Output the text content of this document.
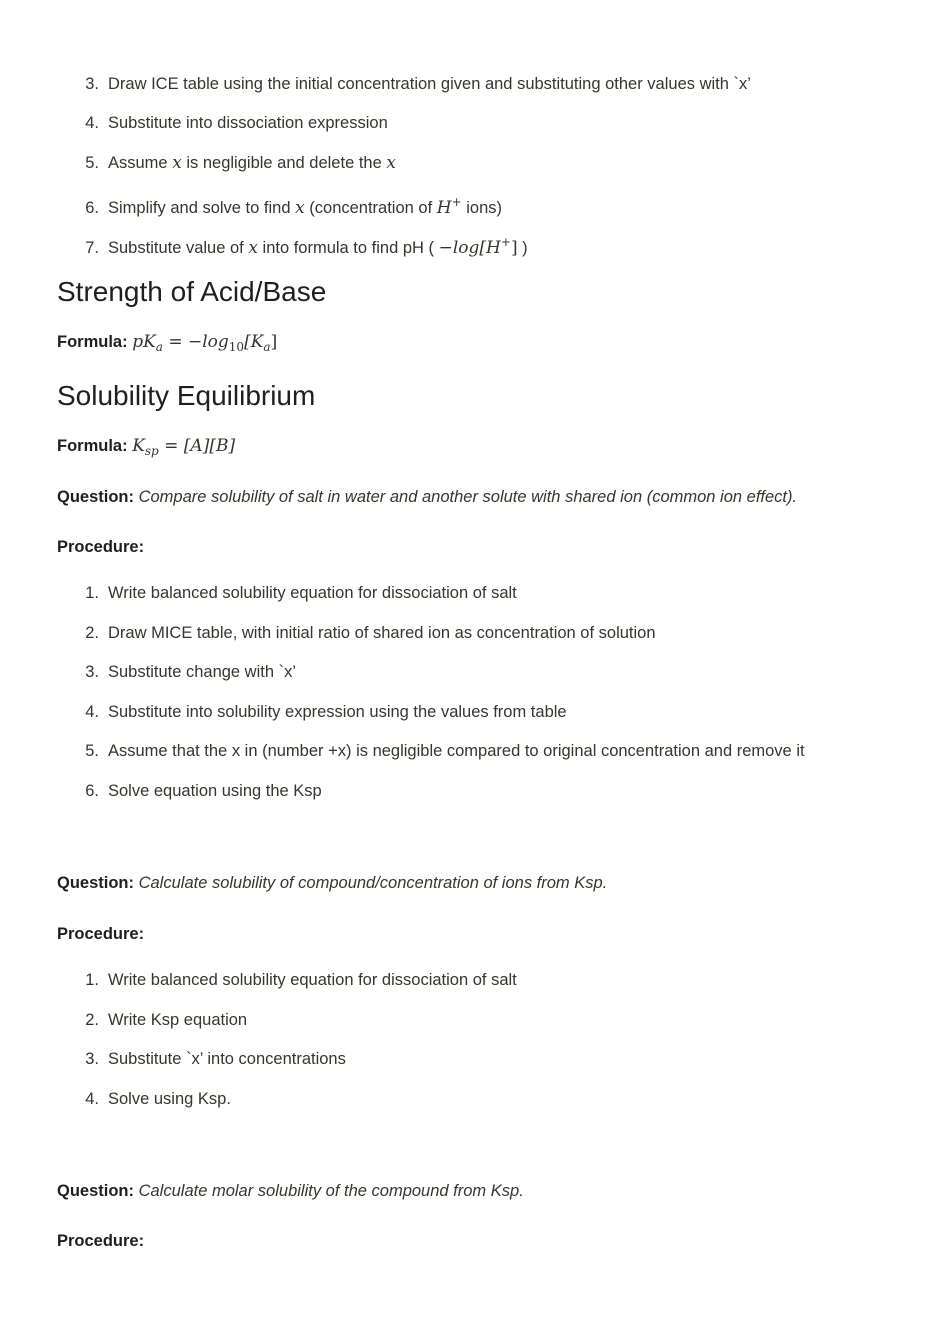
3. Draw ICE table using the initial concentration given and substituting other values with `x’
4. Substitute into dissociation expression
5. Assume x is negligible and delete the x
6. Simplify and solve to find x (concentration of H+ ions)
7. Substitute value of x into formula to find pH ( −log[H+] )
Strength of Acid/Base
Formula: $pK_a = -\log_{10}[K_a]$
Solubility Equilibrium
Formula: $K_{sp} = [A][B]$
Question: Compare solubility of salt in water and another solute with shared ion (common ion effect).
Procedure:
1. Write balanced solubility equation for dissociation of salt
2. Draw MICE table, with initial ratio of shared ion as concentration of solution
3. Substitute change with `x’
4. Substitute into solubility expression using the values from table
5. Assume that the x in (number +x) is negligible compared to original concentration and remove it
6. Solve equation using the Ksp
Question: Calculate solubility of compound/concentration of ions from Ksp.
Procedure:
1. Write balanced solubility equation for dissociation of salt
2. Write Ksp equation
3. Substitute `x’ into concentrations
4. Solve using Ksp.
Question: Calculate molar solubility of the compound from Ksp.
Procedure:
